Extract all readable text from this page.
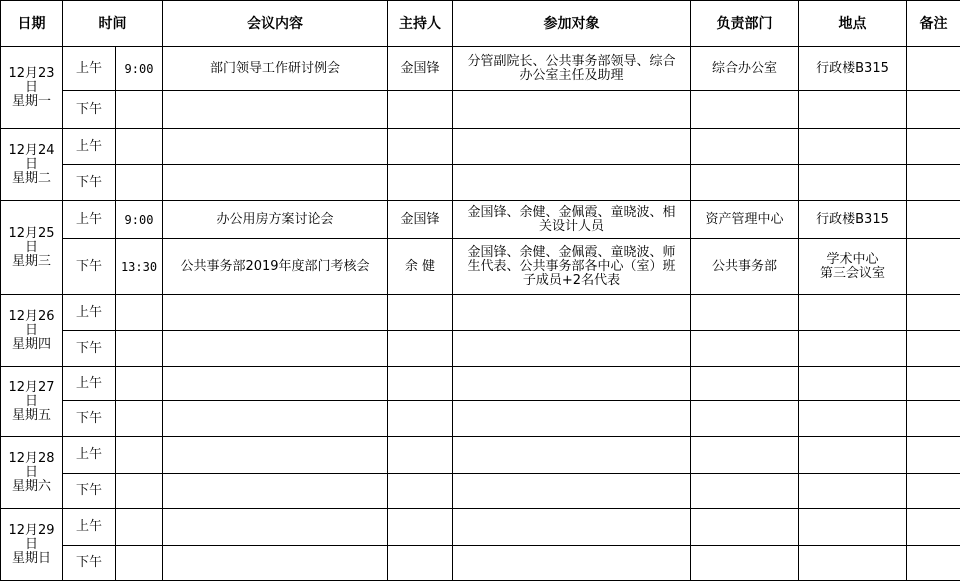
日期	时间		会议内容	主持人	参加对象	负责部门	地点	备注

12月23日
星期一	上午	9:00	部门领导工作研讨例会	金国锋	分管副院长、公共事务部领导、综合
办公室主任及助理	综合办公室	行政楼B315	

	下午							

12月24日
星期二	上午							
	下午							

12月25日
星期三	上午	9:00	办公用房方案讨论会	金国锋	金国锋、余健、金佩霞、童晓波、相
关设计人员	资产管理中心	行政楼B315	

	下午	13:30	公共事务部2019年度部门考核会	余 健	金国锋、余健、金佩霞、童晓波、师
生代表、公共事务部各中心（室）班
子成员+2名代表	公共事务部	学术中心
第三会议室	

12月26日
星期四	上午							
	下午							

12月27日
星期五	上午							
	下午							

12月28日
星期六	上午							
	下午							

12月29日
星期日	上午							
	下午							
